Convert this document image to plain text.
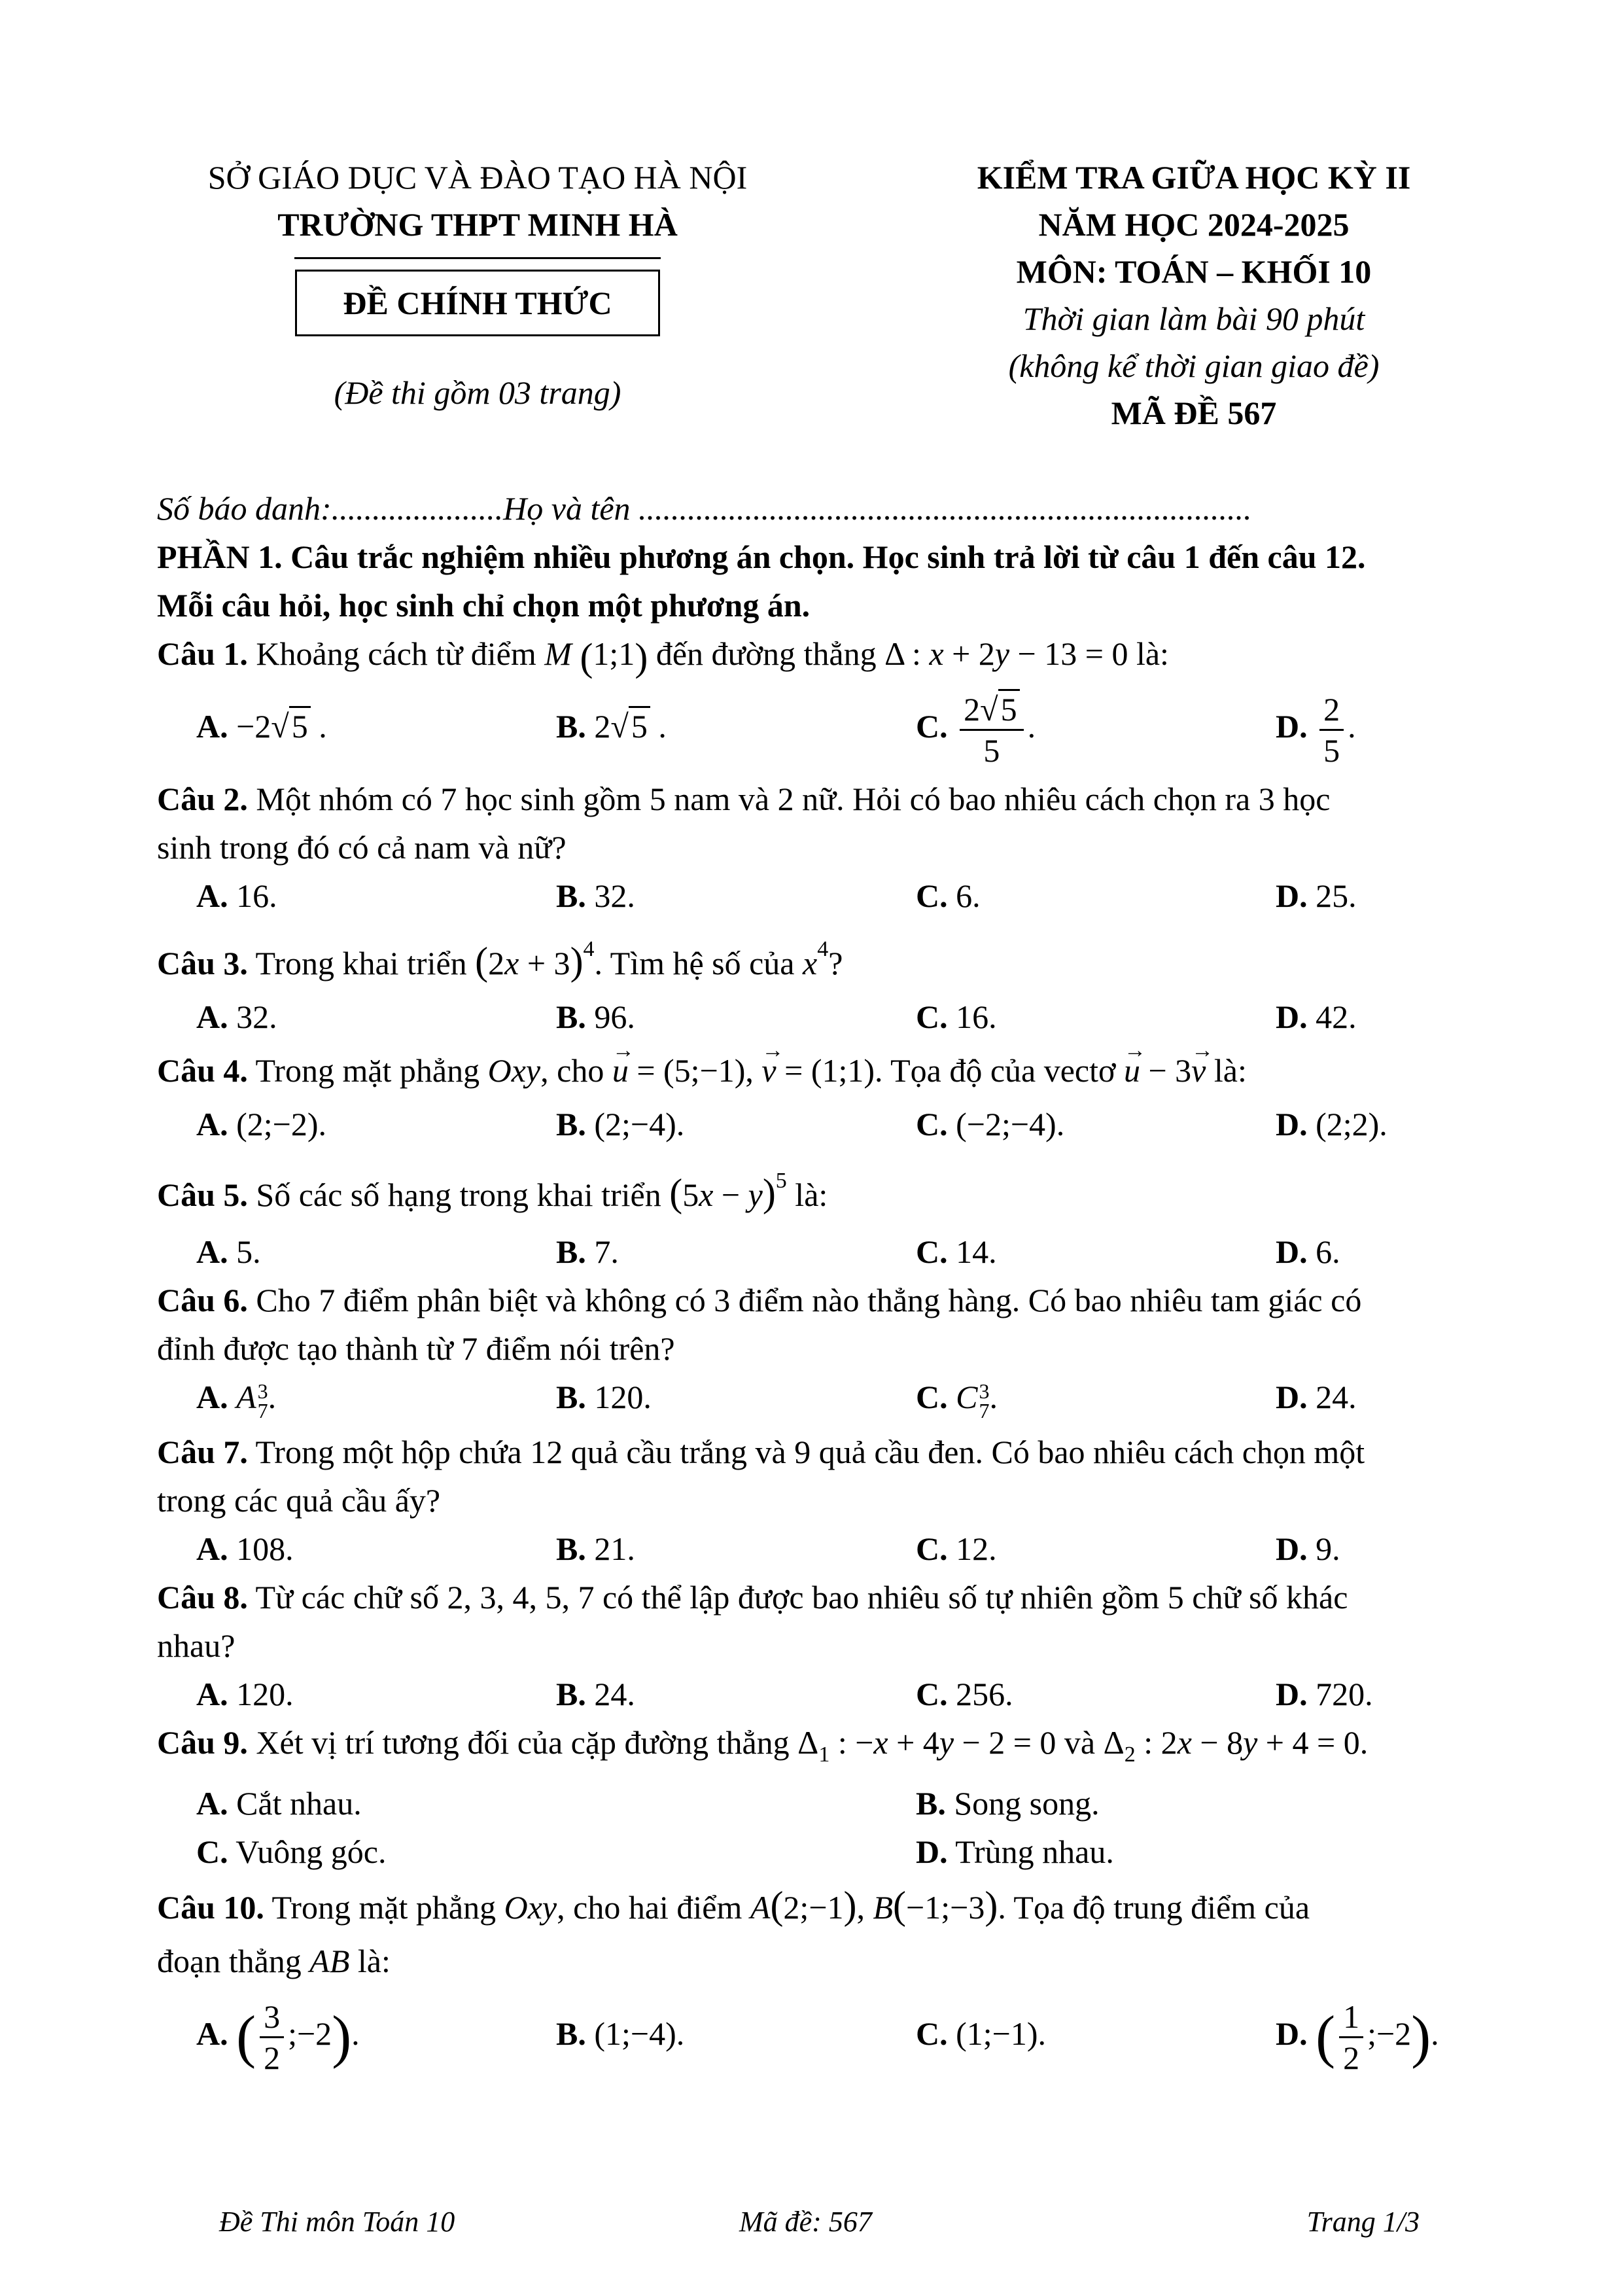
SỞ GIÁO DỤC VÀ ĐÀO TẠO HÀ NỘI
TRƯỜNG THPT MINH HÀ
ĐỀ CHÍNH THỨC
(Đề thi gồm 03 trang)
KIỂM TRA GIỮA HỌC KỲ II
NĂM HỌC 2024-2025
MÔN: TOÁN – KHỐI 10
Thời gian làm bài 90 phút
(không kể thời gian giao đề)
MÃ ĐỀ 567
Số báo danh:.....................Họ và tên ...........................................................................
PHẦN 1. Câu trắc nghiệm nhiều phương án chọn. Học sinh trả lời từ câu 1 đến câu 12.
Mỗi câu hỏi, học sinh chỉ chọn một phương án.
Câu 1. Khoảng cách từ điểm M (1;1) đến đường thẳng Δ : x + 2y − 13 = 0 là:
A. −2√5 .	B. 2√5 .	C. $\frac{2√5}{5}$ .	D. $\frac{2}{5}$ .
Câu 2. Một nhóm có 7 học sinh gồm 5 nam và 2 nữ. Hỏi có bao nhiêu cách chọn ra 3 học
sinh trong đó có cả nam và nữ?
A. 16.	B. 32.	C. 6.	D. 25.
Câu 3. Trong khai triển $(2x + 3)^4$. Tìm hệ số của $x^4$?
A. 32.	B. 96.	C. 16.	D. 42.
Câu 4. Trong mặt phẳng Oxy, cho → u = (5;−1), → v = (1;1). Tọa độ của vectơ → u − 3→ v là:
A. (2;−2).	B. (2;−4).	C. (−2;−4).	D. (2;2).
Câu 5. Số các số hạng trong khai triển $(5x - y)^5$ là:
A. 5.	B. 7.	C. 14.	D. 6.
Câu 6. Cho 7 điểm phân biệt và không có 3 điểm nào thẳng hàng. Có bao nhiêu tam giác có
đỉnh được tạo thành từ 7 điểm nói trên?
A. A 3
7 .	B. 120.	C. C 3
7 .	D. 24.
Câu 7. Trong một hộp chứa 12 quả cầu trắng và 9 quả cầu đen. Có bao nhiêu cách chọn một
trong các quả cầu ấy?
A. 108.	B. 21.	C. 12.	D. 9.
Câu 8. Từ các chữ số 2, 3, 4, 5, 7 có thể lập được bao nhiêu số tự nhiên gồm 5 chữ số khác
nhau?
A. 120.	B. 24.	C. 256.	D. 720.
Câu 9. Xét vị trí tương đối của cặp đường thẳng $\Delta_1$ : −x + 4y − 2 = 0 và $\Delta_2$ : 2x − 8y + 4 = 0.
A. Cắt nhau.	B. Song song.
C. Vuông góc.	D. Trùng nhau.
Câu 10. Trong mặt phẳng Oxy, cho hai điểm A(2;−1), B(−1;−3). Tọa độ trung điểm của
đoạn thẳng AB là:
A. ( $\frac{3}{2}$ ;−2).	B. (1;−4).	C. (1;−1).	D. ( $\frac{1}{2}$ ;−2).
Đề Thi môn Toán 10	Mã đề: 567	Trang 1/3
